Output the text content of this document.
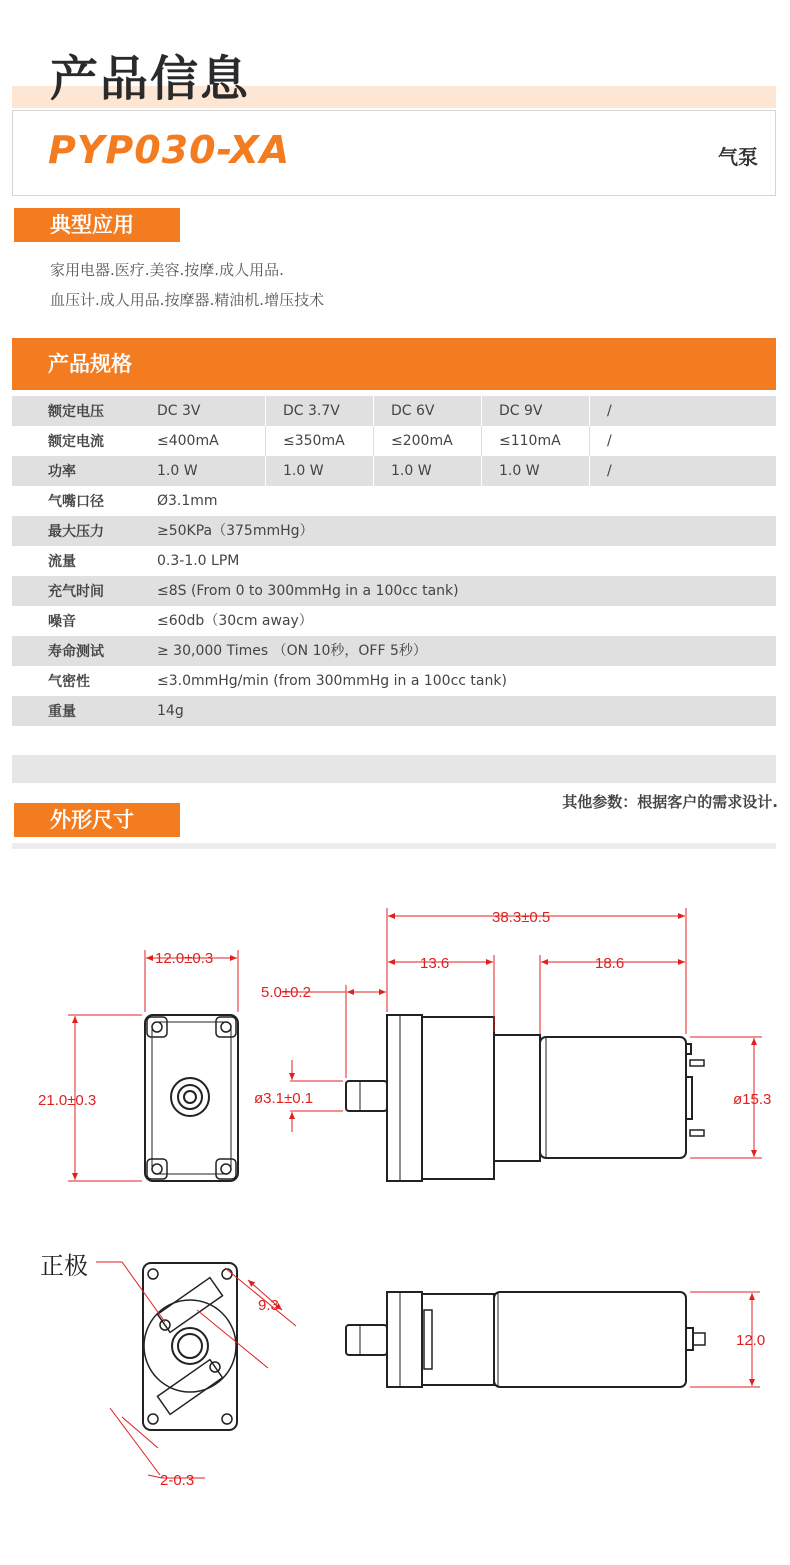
产品信息
PYP030-XA	气泵
典型应用
家用电器.医疗.美容.按摩.成人用品.
血压计.成人用品.按摩器.精油机.增压技术
产品规格
额定电压	DC 3V	DC 3.7V	DC 6V	DC 9V	/
额定电流	≤400mA	≤350mA	≤200mA	≤110mA	/
功率	1.0 W	1.0 W	1.0 W	1.0 W	/
气嘴口径	Ø3.1mm
最大压力	≥50KPa（375mmHg）
流量	0.3-1.0 LPM
充气时间	≤8S (From 0 to 300mmHg in a 100cc tank)
噪音	≤60db（30cm away）
寿命测试	≥ 30,000 Times （ON 10秒，OFF 5秒）
气密性	≤3.0mmHg/min (from 300mmHg in a 100cc tank)
重量	14g
其他参数：根据客户的需求设计.
外形尺寸
12.0±0.3
21.0±0.3
38.3±0.5
13.6	18.6
5.0±0.2
ø3.1±0.1	ø15.3
正极
9.3
2-0.3
12.0
